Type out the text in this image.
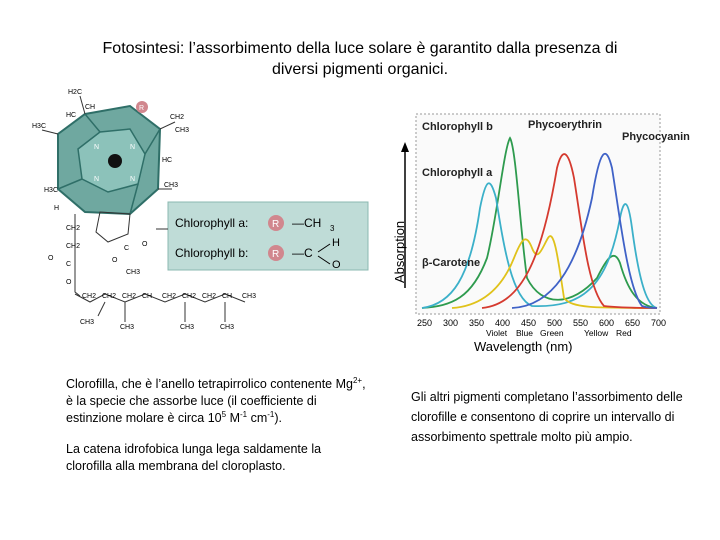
Fotosintesi: l’assorbimento della luce solare è garantito dalla presenza di
diversi pigmenti organici.
N	N
N	N
R
H2C
CH
HC	CH2
CH3
HC
CH3
H3C
H3C
H
C
O
O
CH3
CH2
CH2
C
O
O
CH2 CH2 CH2 CH CH2 CH2 CH2 CH CH3
CH3	CH3	CH3
CH3
Chlorophyll a: R —CH 3
Chlorophyll b: R —C
H
O	Absorption
Chlorophyll b	Phycoerythrin
Phycocyanin
Chlorophyll a
β-Carotene
250 300 350 400 450 500 550 600 650 700
Violet Blue Green Yellow Red
Wavelength (nm)

Clorofilla, che è l’anello tetrapirrolico contenente $Mg^{2+}$, è la specie che assorbe luce (il coefficiente di estinzione molare è circa $10^5$ $M^{-1}$ $cm^{-1}$).

La catena idrofobica lunga lega saldamente la clorofilla alla membrana del cloroplasto.

Gli altri pigmenti completano l’assorbimento delle clorofille e consentono di coprire un intervallo di assorbimento spettrale molto più ampio.
